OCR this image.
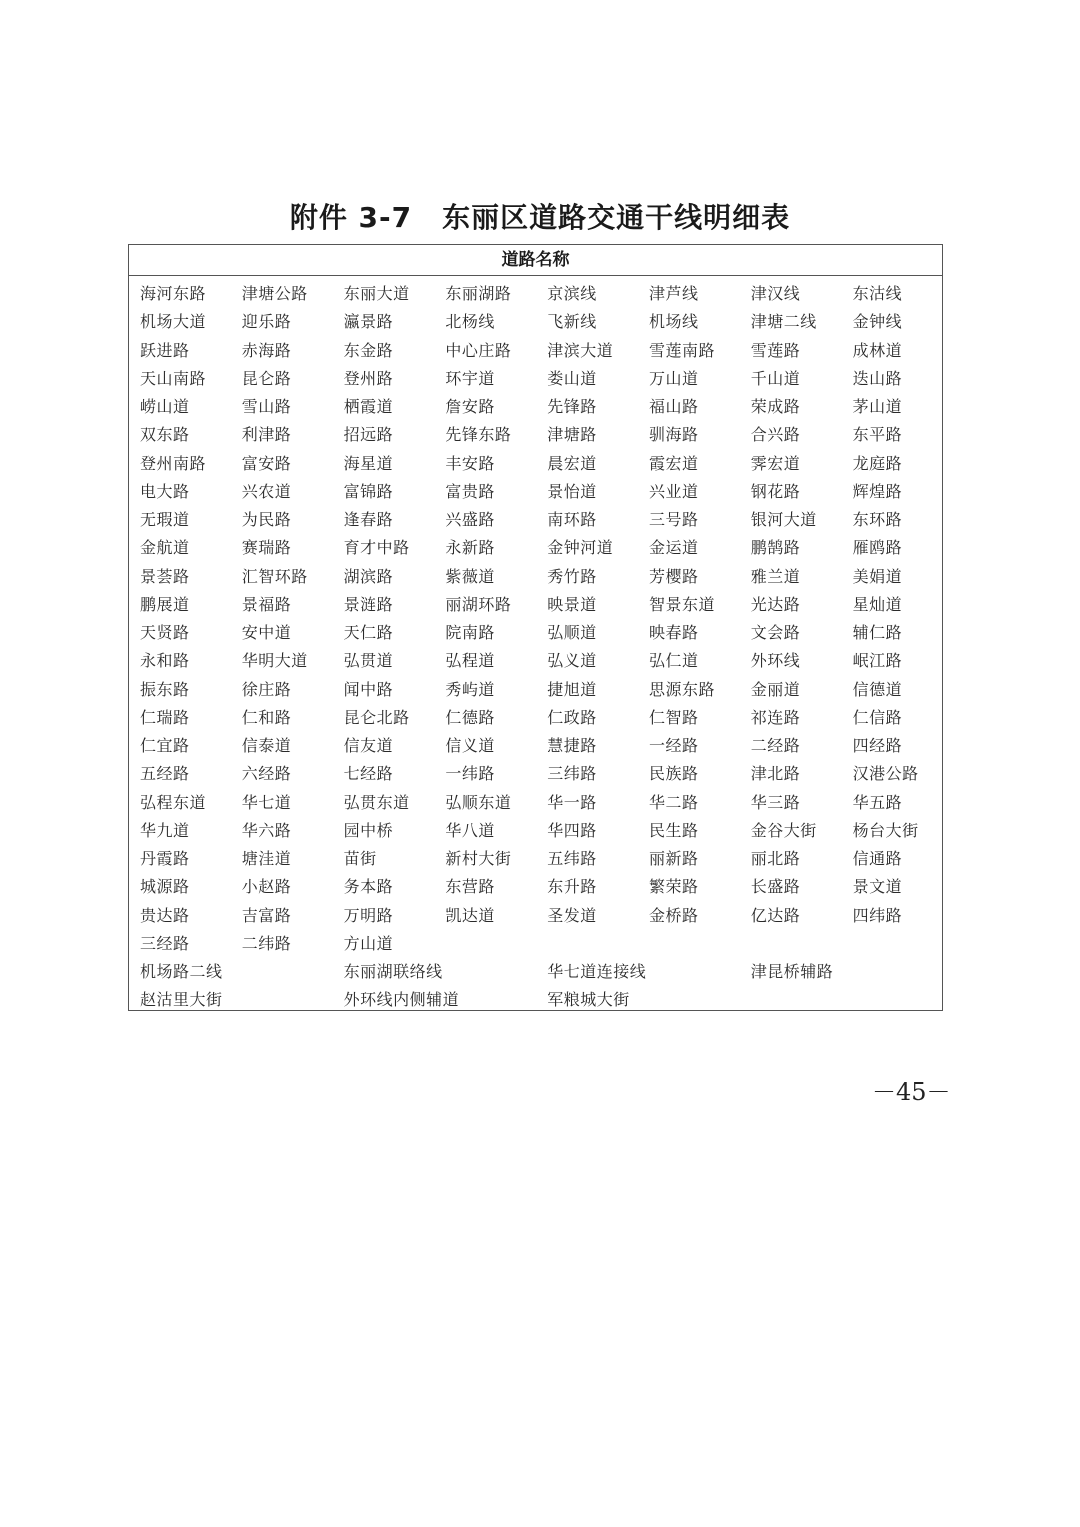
附件 3-7 东丽区道路交通干线明细表
道路名称
海河东路	津塘公路	东丽大道	东丽湖路	京滨线	津芦线	津汉线	东沽线
机场大道	迎乐路	瀛景路	北杨线	飞新线	机场线	津塘二线	金钟线
跃进路	赤海路	东金路	中心庄路	津滨大道	雪莲南路	雪莲路	成林道
天山南路	昆仑路	登州路	环宇道	娄山道	万山道	千山道	迭山路
崂山道	雪山路	栖霞道	詹安路	先锋路	福山路	荣成路	茅山道
双东路	利津路	招远路	先锋东路	津塘路	驯海路	合兴路	东平路
登州南路	富安路	海星道	丰安路	晨宏道	霞宏道	霁宏道	龙庭路
电大路	兴农道	富锦路	富贵路	景怡道	兴业道	钢花路	辉煌路
无瑕道	为民路	逢春路	兴盛路	南环路	三号路	银河大道	东环路
金航道	赛瑞路	育才中路	永新路	金钟河道	金运道	鹏鹄路	雁鸥路
景荟路	汇智环路	湖滨路	紫薇道	秀竹路	芳樱路	雅兰道	美娟道
鹏展道	景福路	景涟路	丽湖环路	映景道	智景东道	光达路	星灿道
天贤路	安中道	天仁路	院南路	弘顺道	映春路	文会路	辅仁路
永和路	华明大道	弘贯道	弘程道	弘义道	弘仁道	外环线	岷江路
振东路	徐庄路	闻中路	秀屿道	捷旭道	思源东路	金丽道	信德道
仁瑞路	仁和路	昆仑北路	仁德路	仁政路	仁智路	祁连路	仁信路
仁宜路	信泰道	信友道	信义道	慧捷路	一经路	二经路	四经路
五经路	六经路	七经路	一纬路	三纬路	民族路	津北路	汉港公路
弘程东道	华七道	弘贯东道	弘顺东道	华一路	华二路	华三路	华五路
华九道	华六路	园中桥	华八道	华四路	民生路	金谷大街	杨台大街
丹霞路	塘洼道	苗街	新村大街	五纬路	丽新路	丽北路	信通路
城源路	小赵路	务本路	东营路	东升路	繁荣路	长盛路	景文道
贵达路	吉富路	万明路	凯达道	圣发道	金桥路	亿达路	四纬路
三经路	二纬路	方山道
机场路二线	东丽湖联络线	华七道连接线	津昆桥辅路
赵沽里大街	外环线内侧辅道	军粮城大街
－45－
